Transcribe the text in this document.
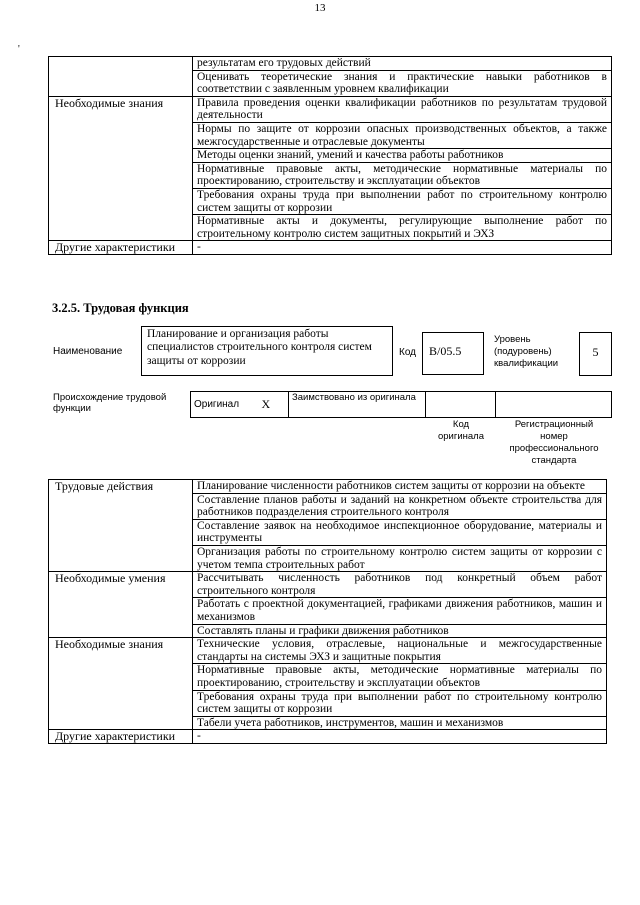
13
'
	результатам его трудовых действий
	Оценивать теоретические знания и практические навыки работников в соответствии с заявленным уровнем квалификации
Необходимые знания	Правила проведения оценки квалификации работников по результатам трудовой деятельности
	Нормы по защите от коррозии опасных производственных объектов, а также межгосударственные и отраслевые документы
	Методы оценки знаний, умений и качества работы работников
	Нормативные правовые акты, методические нормативные материалы по проектированию, строительству и эксплуатации объектов
	Требования охраны труда при выполнении работ по строительному контролю систем защиты от коррозии
	Нормативные акты и документы, регулирующие выполнение работ по строительному контролю систем защитных покрытий и ЭХЗ
Другие характеристики	-
3.2.5. Трудовая функция
Наименование
Планирование и организация работы специалистов строительного контроля систем защиты от коррозии
Код	B/05.5
Уровень (подуровень) квалификации
5
Происхождение трудовой функции	Оригинал	X	Заимствовано из оригинала		
Код оригинала
Регистрационный номер профессионального стандарта
Трудовые действия	Планирование численности работников систем защиты от коррозии на объекте
	Составление планов работы и заданий на конкретном объекте строительства для работников подразделения строительного контроля
	Составление заявок на необходимое инспекционное оборудование, материалы и инструменты
	Организация работы по строительному контролю систем защиты от коррозии с учетом темпа строительных работ
Необходимые умения	Рассчитывать численность работников под конкретный объем работ строительного контроля
	Работать с проектной документацией, графиками движения работников, машин и механизмов
	Составлять планы и графики движения работников
Необходимые знания	Технические условия, отраслевые, национальные и межгосударственные стандарты на системы ЭХЗ и защитные покрытия
	Нормативные правовые акты, методические нормативные материалы по проектированию, строительству и эксплуатации объектов
	Требования охраны труда при выполнении работ по строительному контролю систем защиты от коррозии
	Табели учета работников, инструментов, машин и механизмов
Другие характеристики	-
